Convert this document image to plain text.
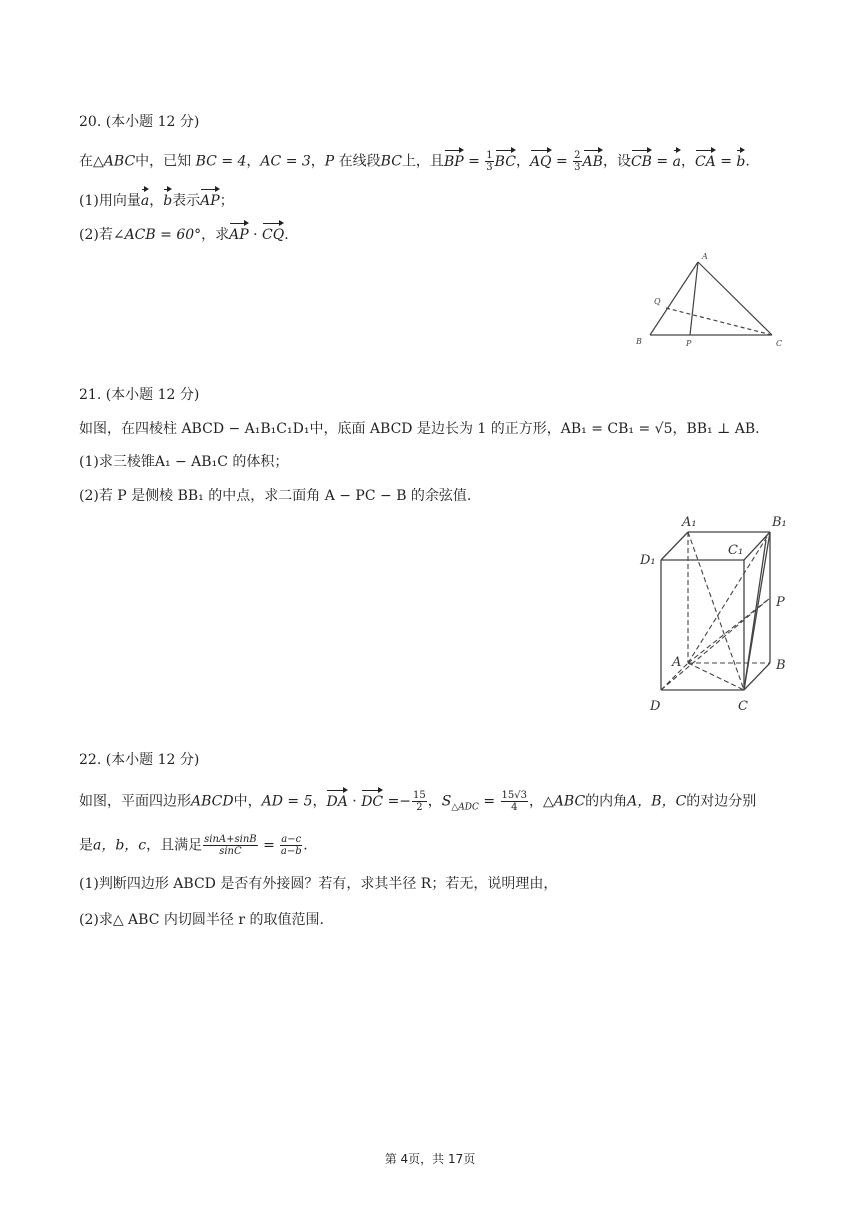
20. (本小题 12 分)
在△ABC中，已知 BC = 4，AC = 3，P 在线段BC上，且BP = $\frac{1}{3}$ BC，AQ = $\frac{2}{3}$ AB，设CB = a，CA = b.
(1)用向量a，b表示AP；
(2)若∠ACB = 60°，求AP · CQ.
A
Q
B	P	C
21. (本小题 12 分)
如图，在四棱柱 ABCD − A₁B₁C₁D₁中，底面 ABCD 是边长为 1 的正方形，AB₁ = CB₁ = √5，BB₁ ⊥ AB.
(1)求三棱锥A₁ − AB₁C 的体积；
(2)若 P 是侧棱 BB₁ 的中点，求二面角 A − PC − B 的余弦值.
A₁	B₁
C₁
D₁
P
A	B
C
D
22. (本小题 12 分)
如图，平面四边形ABCD中，AD = 5，DA · DC =− $\frac{15}{2}$ ，$S_{\triangle ADC} = \frac{15√3}{4}$ ，△ABC的内角A，B，C的对边分别
是a，b，c，且满足 $\frac{\sin A+\sin B}{\sin C} = \frac{a-c}{a-b}$ .
(1)判断四边形 ABCD 是否有外接圆？若有，求其半径 R；若无，说明理由，
(2)求△ ABC 内切圆半径 r 的取值范围.
第 4页，共 17页
